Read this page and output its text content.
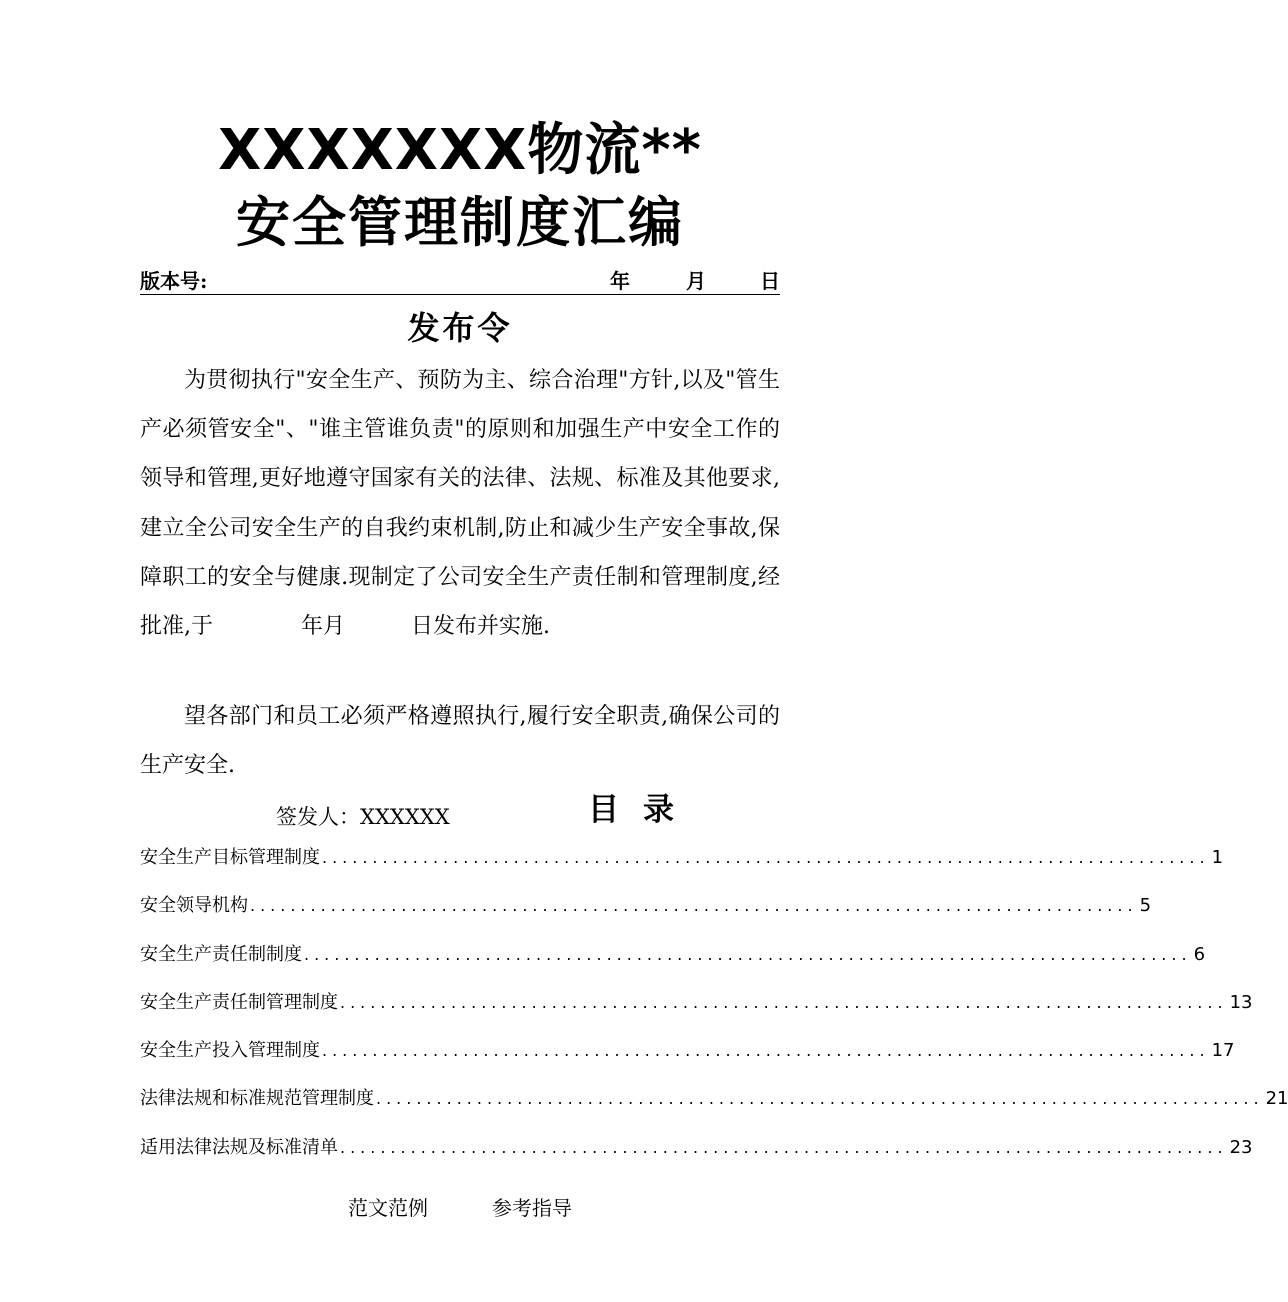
XXXXXXX物流**
安全管理制度汇编
版本号:	年	月	日
发布令

为贯彻执行"安全生产、预防为主、综合治理"方针,以及"管生产必须管安全"、"谁主管谁负责"的原则和加强生产中安全工作的领导和管理,更好地遵守国家有关的法律、法规、标准及其他要求,建立全公司安全生产的自我约束机制,防止和减少生产安全事故,保障职工的安全与健康.现制定了公司安全生产责任制和管理制度,经批准,于　　　　年月　　　日发布并实施.

望各部门和员工必须严格遵照执行,履行安全职责,确保公司的生产安全.

签发人：XXXXXX	目录
安全生产目标管理制度 ........................................................................................ 1
安全领导机构 ........................................................................................ 5
安全生产责任制制度 ........................................................................................ 6
安全生产责任制管理制度 ........................................................................................ 13
安全生产投入管理制度 ........................................................................................ 17
法律法规和标准规范管理制度 ........................................................................................ 21
适用法律法规及标准清单 ........................................................................................ 23
范文范例	参考指导
